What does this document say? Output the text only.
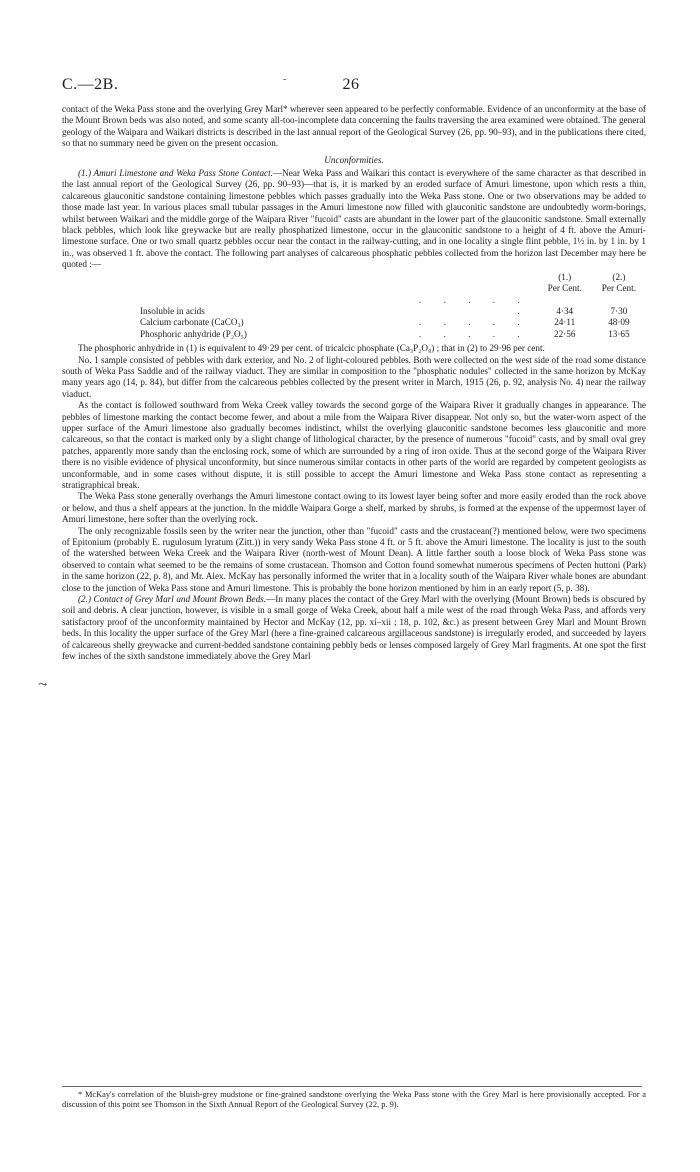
C.—2B.	26
-

contact of the Weka Pass stone and the overlying Grey Marl* wherever seen appeared to be perfectly conformable. Evidence of an unconformity at the base of the Mount Brown beds was also noted, and some scanty all-too-incomplete data concerning the faults traversing the area examined were obtained. The general geology of the Waipara and Waikari districts is described in the last annual report of the Geological Survey (26, pp. 90–93), and in the publications there cited, so that no summary need be given on the present occasion.

Unconformities.

(1.) Amuri Limestone and Weka Pass Stone Contact.—Near Weka Pass and Waikari this contact is everywhere of the same character as that described in the last annual report of the Geological Survey (26, pp. 90–93)—that is, it is marked by an eroded surface of Amuri limestone, upon which rests a thin, calcareous glauconitic sandstone containing limestone pebbles which passes gradually into the Weka Pass stone. One or two observations may be added to those made last year. In various places small tubular passages in the Amuri limestone now filled with glauconitic sandstone are undoubtedly worm-borings, whilst between Waikari and the middle gorge of the Waipara River "fucoid" casts are abundant in the lower part of the glauconitic sandstone. Small externally black pebbles, which look like greywacke but are really phosphatized limestone, occur in the glauconitic sandstone to a height of 4 ft. above the Amuri-limestone surface. One or two small quartz pebbles occur near the contact in the railway-cutting, and in one locality a single flint pebble, 1½ in. by 1 in. by 1 in., was observed 1 ft. above the contact. The following part analyses of calcareous phosphatic pebbles collected from the horizon last December may here be quoted :—

		(1.)	(2.)
		Per Cent.	Per Cent.
Insoluble in acids	. . . . . .	4·34	7·30
Calcium carbonate (CaCO₃)	. . . . .	24·11	48·09
Phosphoric anhydride (P₂O₅)	. . . . .	22·56	13·65

The phosphoric anhydride in (1) is equivalent to 49·29 per cent. of tricalcic phosphate (Ca₃P₂O₈) ; that in (2) to 29·96 per cent.

No. 1 sample consisted of pebbles with dark exterior, and No. 2 of light-coloured pebbles. Both were collected on the west side of the road some distance south of Weka Pass Saddle and of the railway viaduct. They are similar in composition to the "phosphatic nodules" collected in the same horizon by McKay many years ago (14, p. 84), but differ from the calcareous pebbles collected by the present writer in March, 1915 (26, p. 92, analysis No. 4) near the railway viaduct.

As the contact is followed southward from Weka Creek valley towards the second gorge of the Waipara River it gradually changes in appearance. The pebbles of limestone marking the contact become fewer, and about a mile from the Waipara River disappear. Not only so, but the water-worn aspect of the upper surface of the Amuri limestone also gradually becomes indistinct, whilst the overlying glauconitic sandstone becomes less glauconitic and more calcareous, so that the contact is marked only by a slight change of lithological character, by the presence of numerous "fucoid" casts, and by small oval grey patches, apparently more sandy than the enclosing rock, some of which are surrounded by a ring of iron oxide. Thus at the second gorge of the Waipara River there is no visible evidence of physical unconformity, but since numerous similar contacts in other parts of the world are regarded by competent geologists as unconformable, and in some cases without dispute, it is still possible to accept the Amuri limestone and Weka Pass stone contact as representing a stratigraphical break.

The Weka Pass stone generally overhangs the Amuri limestone contact owing to its lowest layer being softer and more easily eroded than the rock above or below, and thus a shelf appears at the junction. In the middle Waipara Gorge a shelf, marked by shrubs, is formed at the expense of the uppermost layer of Amuri limestone, here softer than the overlying rock.

The only recognizable fossils seen by the writer near the junction, other than "fucoid" casts and the crustacean(?) mentioned below, were two specimens of Epitonium (probably E. rugulosum lyratum (Zitt.)) in very sandy Weka Pass stone 4 ft. or 5 ft. above the Amuri limestone. The locality is just to the south of the watershed between Weka Creek and the Waipara River (north-west of Mount Dean). A little farther south a loose block of Weka Pass stone was observed to contain what seemed to be the remains of some crustacean. Thomson and Cotton found somewhat numerous specimens of Pecten huttoni (Park) in the same horizon (22, p. 8), and Mr. Alex. McKay has personally informed the writer that in a locality south of the Waipara River whale bones are abundant close to the junction of Weka Pass stone and Amuri limestone. This is probably the bone horizon mentioned by him in an early report (5, p. 38).

(2.) Contact of Grey Marl and Mount Brown Beds.—In many places the contact of the Grey Marl with the overlying (Mount Brown) beds is obscured by soil and debris. A clear junction, however, is visible in a small gorge of Weka Creek, about half a mile west of the road through Weka Pass, and affords very satisfactory proof of the unconformity maintained by Hector and McKay (12, pp. xi–xii ; 18, p. 102, &c.) as present between Grey Marl and Mount Brown beds. In this locality the upper surface of the Grey Marl (here a fine-grained calcareous argillaceous sandstone) is irregularly eroded, and succeeded by layers of calcareous shelly greywacke and current-bedded sandstone containing pebbly beds or lenses composed largely of Grey Marl fragments. At one spot the first few inches of the sixth sandstone immediately above the Grey Marl

⤳

* McKay's correlation of the bluish-grey mudstone or fine-grained sandstone overlying the Weka Pass stone with the Grey Marl is here provisionally accepted. For a discussion of this point see Thomson in the Sixth Annual Report of the Geological Survey (22, p. 9).
